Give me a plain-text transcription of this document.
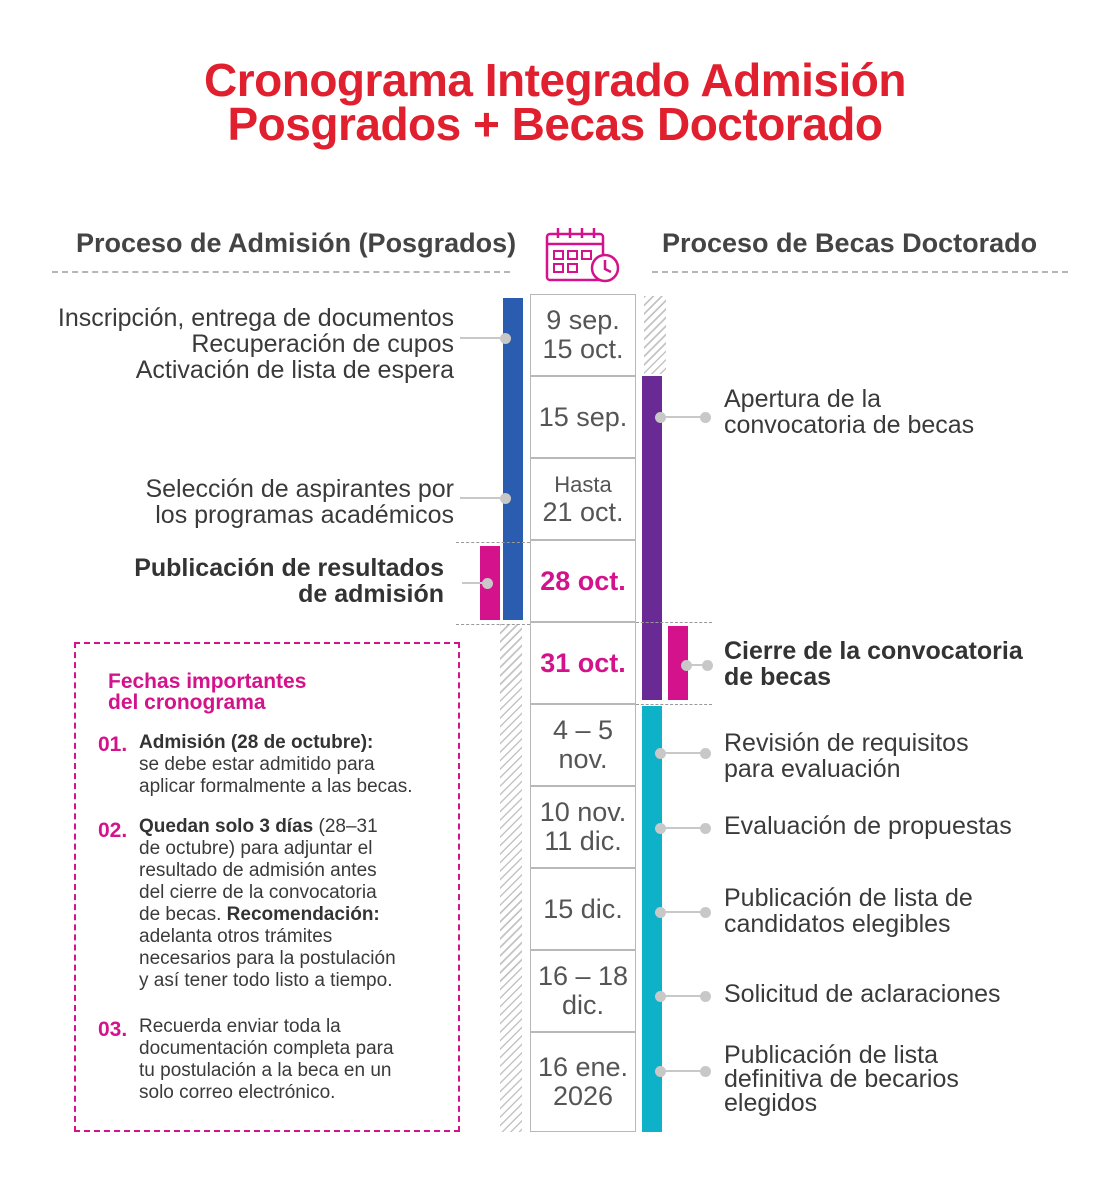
Cronograma Integrado Admisión
Posgrados + Becas Doctorado
Proceso de Admisión (Posgrados)	Proceso de Becas Doctorado
9 sep.
15 oct.
15 sep.
Hasta
21 oct.
28 oct.
31 oct.
4 – 5
nov.
10 nov.
11 dic.
15 dic.
16 – 18
dic.
16 ene.
2026
Inscripción, entrega de documentos
Recuperación de cupos
Activación de lista de espera
Selección de aspirantes por
los programas académicos
Publicación de resultados
de admisión
Apertura de la
convocatoria de becas
Cierre de la convocatoria
de becas
Revisión de requisitos
para evaluación
Evaluación de propuestas
Publicación de lista de
candidatos elegibles
Solicitud de aclaraciones
Publicación de lista
definitiva de becarios
elegidos
Fechas importantes
del cronograma
01. Admisión (28 de octubre):
se debe estar admitido para
aplicar formalmente a las becas.
02. Quedan solo 3 días (28–31
de octubre) para adjuntar el
resultado de admisión antes
del cierre de la convocatoria
de becas. Recomendación:
adelanta otros trámites
necesarios para la postulación
y así tener todo listo a tiempo.
03. Recuerda enviar toda la
documentación completa para
tu postulación a la beca en un
solo correo electrónico.
